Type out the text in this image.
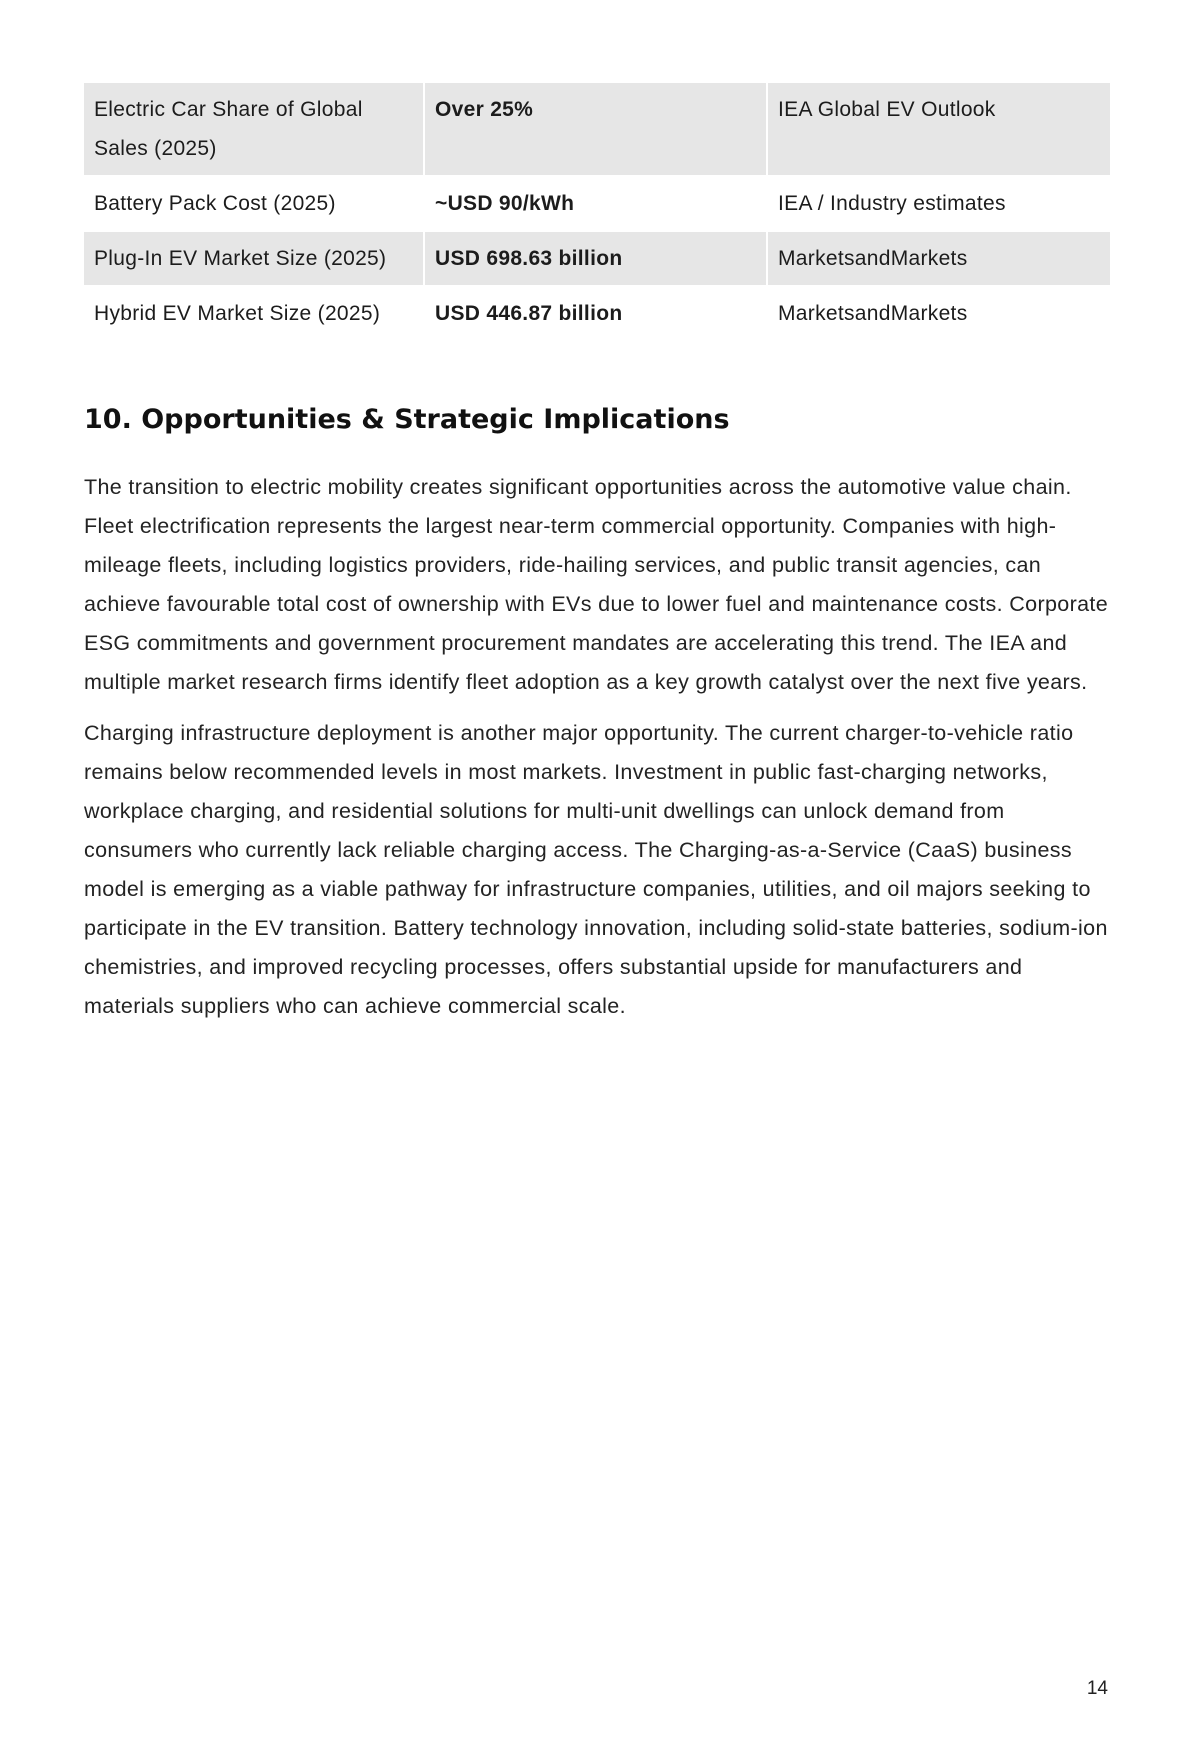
Electric Car Share of Global Sales (2025)	Over 25%	IEA Global EV Outlook
Battery Pack Cost (2025)	~USD 90/kWh	IEA / Industry estimates
Plug-In EV Market Size (2025)	USD 698.63 billion	MarketsandMarkets
Hybrid EV Market Size (2025)	USD 446.87 billion	MarketsandMarkets
10. Opportunities & Strategic Implications

The transition to electric mobility creates significant opportunities across the automotive value chain. Fleet electrification represents the largest near-term commercial opportunity. Companies with high-mileage fleets, including logistics providers, ride-hailing services, and public transit agencies, can achieve favourable total cost of ownership with EVs due to lower fuel and maintenance costs. Corporate ESG commitments and government procurement mandates are accelerating this trend. The IEA and multiple market research firms identify fleet adoption as a key growth catalyst over the next five years.

Charging infrastructure deployment is another major opportunity. The current charger-to-vehicle ratio remains below recommended levels in most markets. Investment in public fast-charging networks, workplace charging, and residential solutions for multi-unit dwellings can unlock demand from consumers who currently lack reliable charging access. The Charging-as-a-Service (CaaS) business model is emerging as a viable pathway for infrastructure companies, utilities, and oil majors seeking to participate in the EV transition. Battery technology innovation, including solid-state batteries, sodium-ion chemistries, and improved recycling processes, offers substantial upside for manufacturers and materials suppliers who can achieve commercial scale.

14
